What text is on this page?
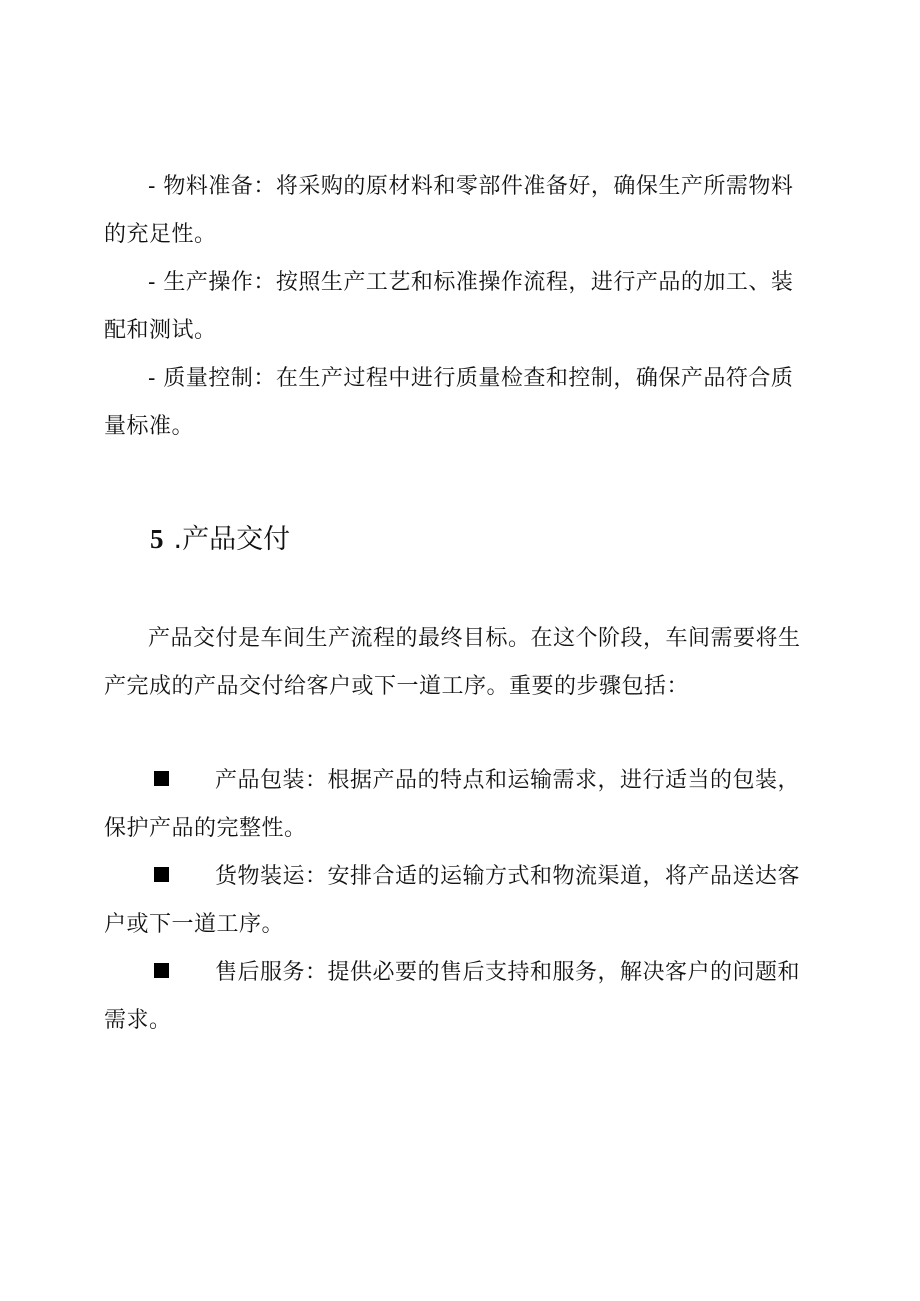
- 物料准备：将采购的原材料和零部件准备好，确保生产所需物料的充足性。

- 生产操作：按照生产工艺和标准操作流程，进行产品的加工、装配和测试。

- 质量控制：在生产过程中进行质量检查和控制，确保产品符合质量标准。

5 .产品交付

产品交付是车间生产流程的最终目标。在这个阶段，车间需要将生产完成的产品交付给客户或下一道工序。重要的步骤包括：

产品包装：根据产品的特点和运输需求，进行适当的包装，保护产品的完整性。

货物装运：安排合适的运输方式和物流渠道，将产品送达客户或下一道工序。

售后服务：提供必要的售后支持和服务，解决客户的问题和需求。
